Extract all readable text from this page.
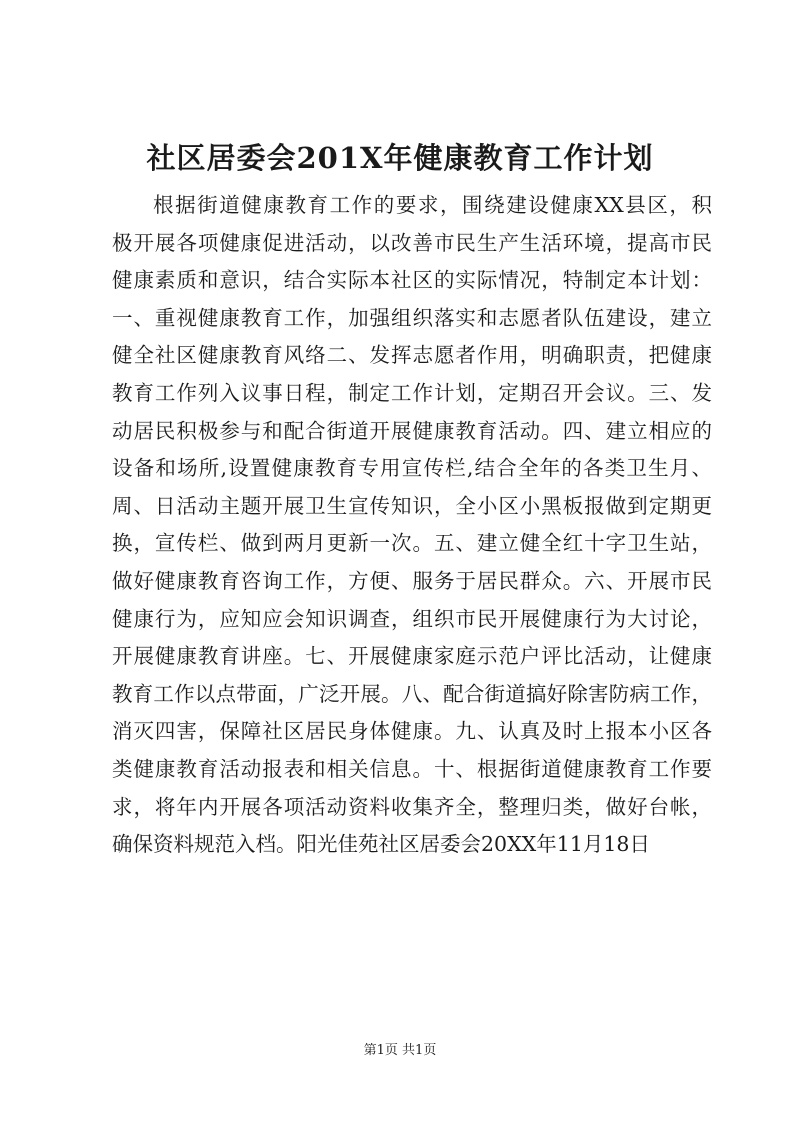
社区居委会201X年健康教育工作计划
根据街道健康教育工作的要求，围绕建设健康XX县区，积
极开展各项健康促进活动，以改善市民生产生活环境，提高市民
健康素质和意识，结合实际本社区的实际情况，特制定本计划：
一、重视健康教育工作，加强组织落实和志愿者队伍建设，建立
健全社区健康教育风络二、发挥志愿者作用，明确职责，把健康
教育工作列入议事日程，制定工作计划，定期召开会议。三、发
动居民积极参与和配合街道开展健康教育活动。四、建立相应的
设备和场所,设置健康教育专用宣传栏,结合全年的各类卫生月、
周、日活动主题开展卫生宣传知识，全小区小黑板报做到定期更
换，宣传栏、做到两月更新一次。五、建立健全红十字卫生站，
做好健康教育咨询工作，方便、服务于居民群众。六、开展市民
健康行为，应知应会知识调查，组织市民开展健康行为大讨论，
开展健康教育讲座。七、开展健康家庭示范户评比活动，让健康
教育工作以点带面，广泛开展。八、配合街道搞好除害防病工作，
消灭四害，保障社区居民身体健康。九、认真及时上报本小区各
类健康教育活动报表和相关信息。十、根据街道健康教育工作要
求，将年内开展各项活动资料收集齐全，整理归类，做好台帐，
确保资料规范入档。阳光佳苑社区居委会20XX年11月18日
第1页 共1页
